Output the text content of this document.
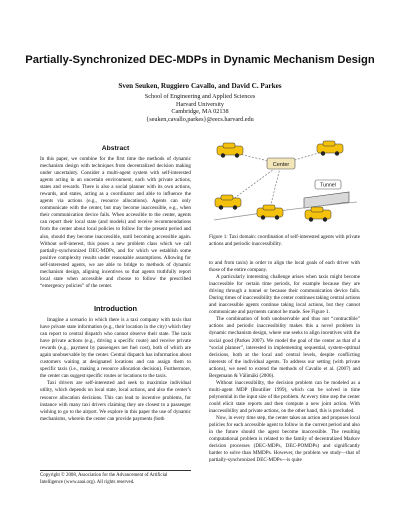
Partially-Synchronized DEC-MDPs in Dynamic Mechanism Design
Sven Seuken, Ruggiero Cavallo, and David C. Parkes
School of Engineering and Applied Sciences
Harvard University
Cambridge, MA 02138
{seuken,cavallo,parkes}@eecs.harvard.edu
Abstract

In this paper, we combine for the first time the methods of dynamic mechanism design with techniques from decentralized decision making under uncertainty. Consider a multi-agent system with self-interested agents acting in an uncertain environment, each with private actions, states and rewards. There is also a social planner with its own actions, rewards, and states, acting as a coordinator and able to influence the agents via actions (e.g., resource allocations). Agents can only communicate with the center, but may become inaccessible, e.g., when their communication device fails. When accessible to the center, agents can report their local state (and models) and receive recommendations from the center about local policies to follow for the present period and also, should they become inaccessible, until becoming accessible again. Without self-interest, this poses a new problem class which we call partially-synchronized DEC-MDPs, and for which we establish some positive complexity results under reasonable assumptions. Allowing for self-interested agents, we are able to bridge to methods of dynamic mechanism design, aligning incentives so that agents truthfully report local state when accessible and choose to follow the prescribed “emergency policies” of the center.

Introduction

Imagine a scenario in which there is a taxi company with taxis that have private state information (e.g., their location in the city) which they can report to central dispatch who cannot observe their state. The taxis have private actions (e.g., driving a specific route) and receive private rewards (e.g., payment by passengers net fuel cost), both of which are again unobservable by the center. Central dispatch has information about customers waiting at designated locations and can assign them to specific taxis (i.e., making a resource allocation decision). Furthermore, the center can suggest specific routes or locations to the taxis.

Taxi drivers are self-interested and seek to maximize individual utility, which depends on local state, local actions, and also the center’s resource allocation decisions. This can lead to incentive problems, for instance with many taxi drivers claiming they are closest to a passenger wishing to go to the airport. We explore in this paper the use of dynamic mechanisms, wherein the center can provide payments (both

Copyright © 2008, Association for the Advancement of Artificial Intelligence (www.aaai.org). All rights reserved.
Center
Tunnel

Figure 1: Taxi domain: coordination of self-interested agents with private actions and periodic inaccessibility.

to and from taxis) in order to align the local goals of each driver with those of the entire company.

A particularly interesting challenge arises when taxis might become inaccessible for certain time periods, for example because they are driving through a tunnel or because their communication device fails. During times of inaccessibility the center continues taking central actions and inaccessible agents continue taking local actions, but they cannot communicate and payments cannot be made. See Figure 1.

The combination of both unobservable and thus not “contractible” actions and periodic inaccessibility makes this a novel problem in dynamic mechanism design, where one seeks to align incentives with the social good (Parkes 2007). We model the goal of the center as that of a “social planner”, interested in implementing sequential, system-optimal decisions, both at the local and central levels, despite conflicting interests of the individual agents. To address our setting (with private actions), we need to extend the methods of Cavallo et al. (2007) and Bergemann & Välimäki (2006).

Without inaccessibility, the decision problem can be modeled as a multi-agent MDP (Boutilier 1999), which can be solved in time polynomial in the input size of the problem. At every time step the center could elicit state reports and then compute a new joint action. With inaccessibility and private actions, on the other hand, this is precluded.

Now, in every time step, the center takes an action and proposes local policies for each accessible agent to follow in the current period and also in the future should the agent become inaccessible. The resulting computational problem is related to the family of decentralized Markov decision processes (DEC-MDPs, DEC-POMDPs) and significantly harder to solve than MMDPs. However, the problem we study—that of partially-synchronized DEC-MDPs—is quite
